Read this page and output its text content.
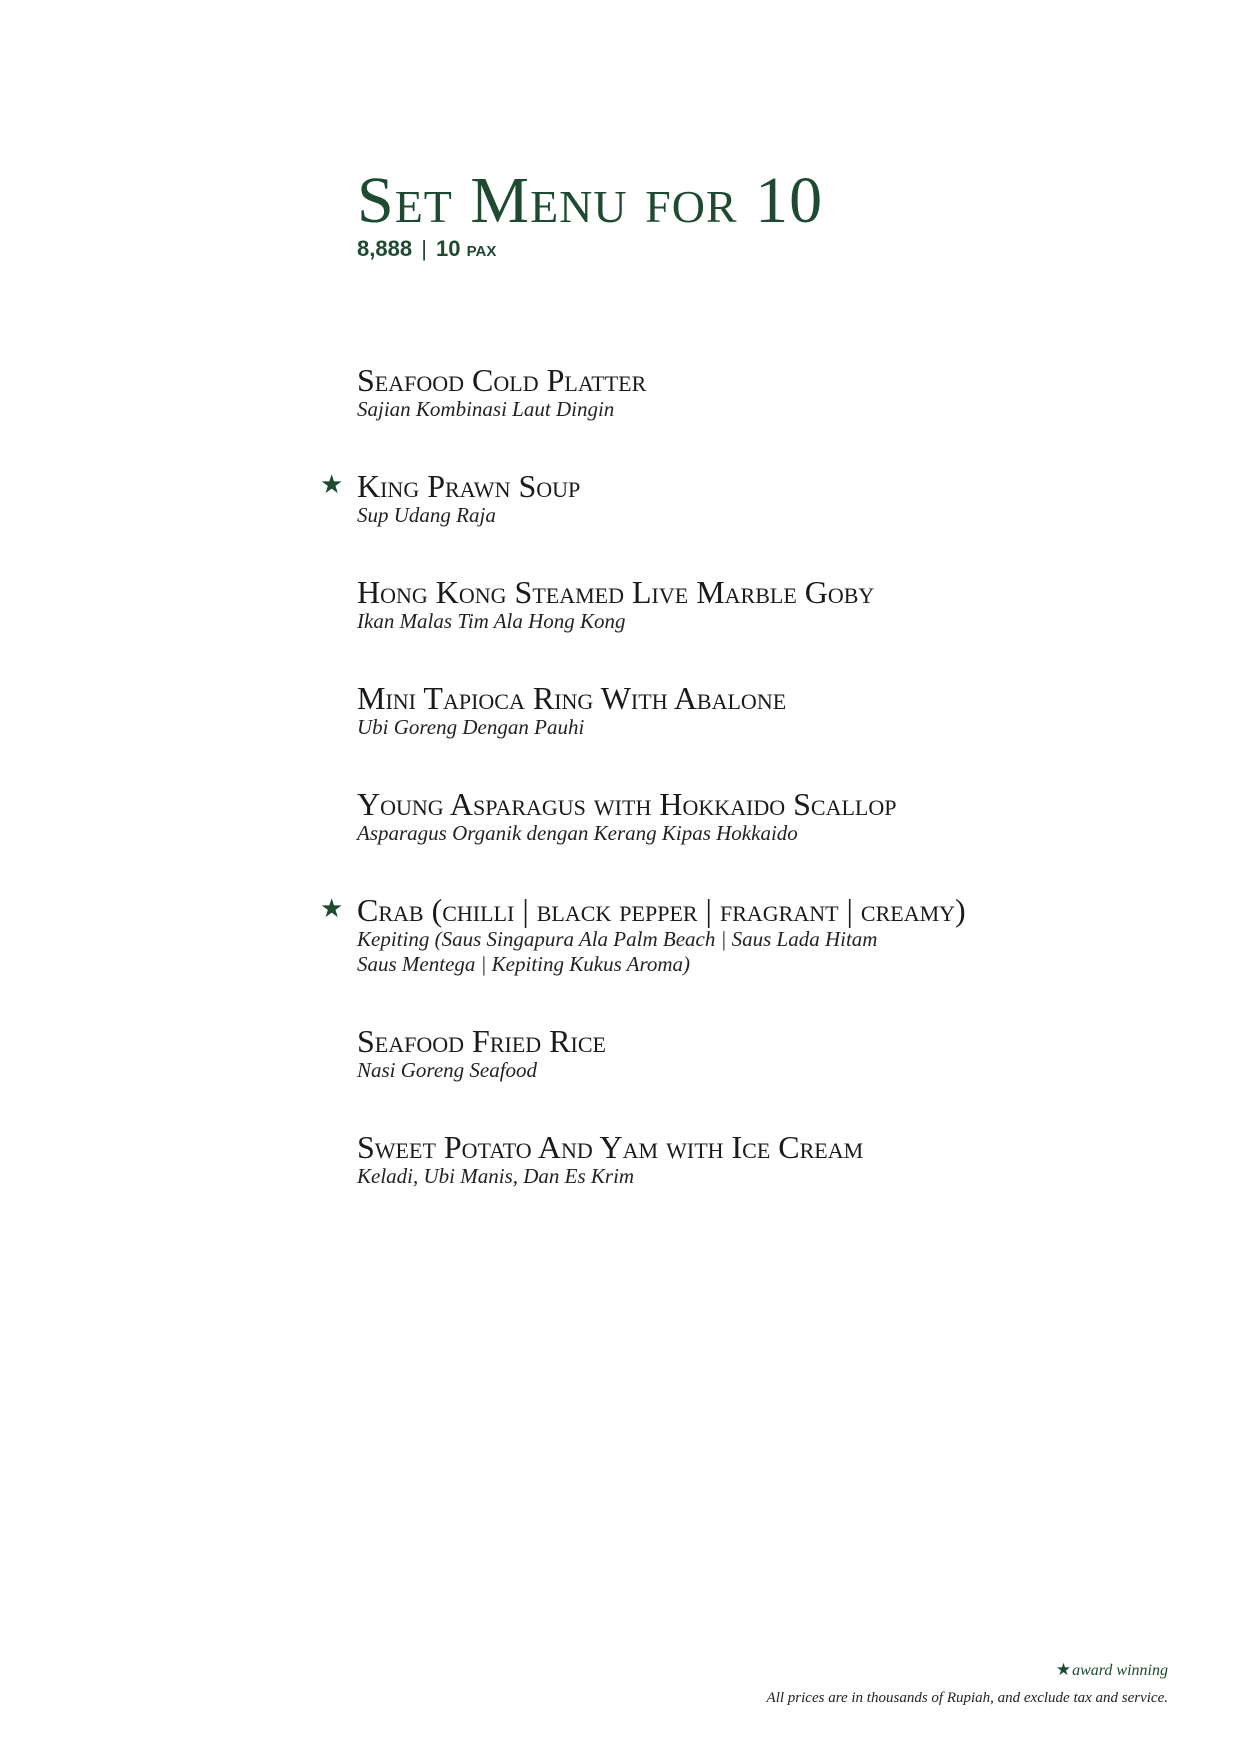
Set Menu for 10
8,888 | 10 PAX
Seafood Cold Platter
Sajian Kombinasi Laut Dingin
★ King Prawn Soup
Sup Udang Raja
Hong Kong Steamed Live Marble Goby
Ikan Malas Tim Ala Hong Kong
Mini Tapioca Ring With Abalone
Ubi Goreng Dengan Pauhi
Young Asparagus with Hokkaido Scallop
Asparagus Organik dengan Kerang Kipas Hokkaido
★ Crab (chilli | black pepper | fragrant | creamy)
Kepiting (Saus Singapura Ala Palm Beach | Saus Lada Hitam
Saus Mentega | Kepiting Kukus Aroma)
Seafood Fried Rice
Nasi Goreng Seafood
Sweet Potato And Yam with Ice Cream
Keladi, Ubi Manis, Dan Es Krim
★award winning
All prices are in thousands of Rupiah, and exclude tax and service.
